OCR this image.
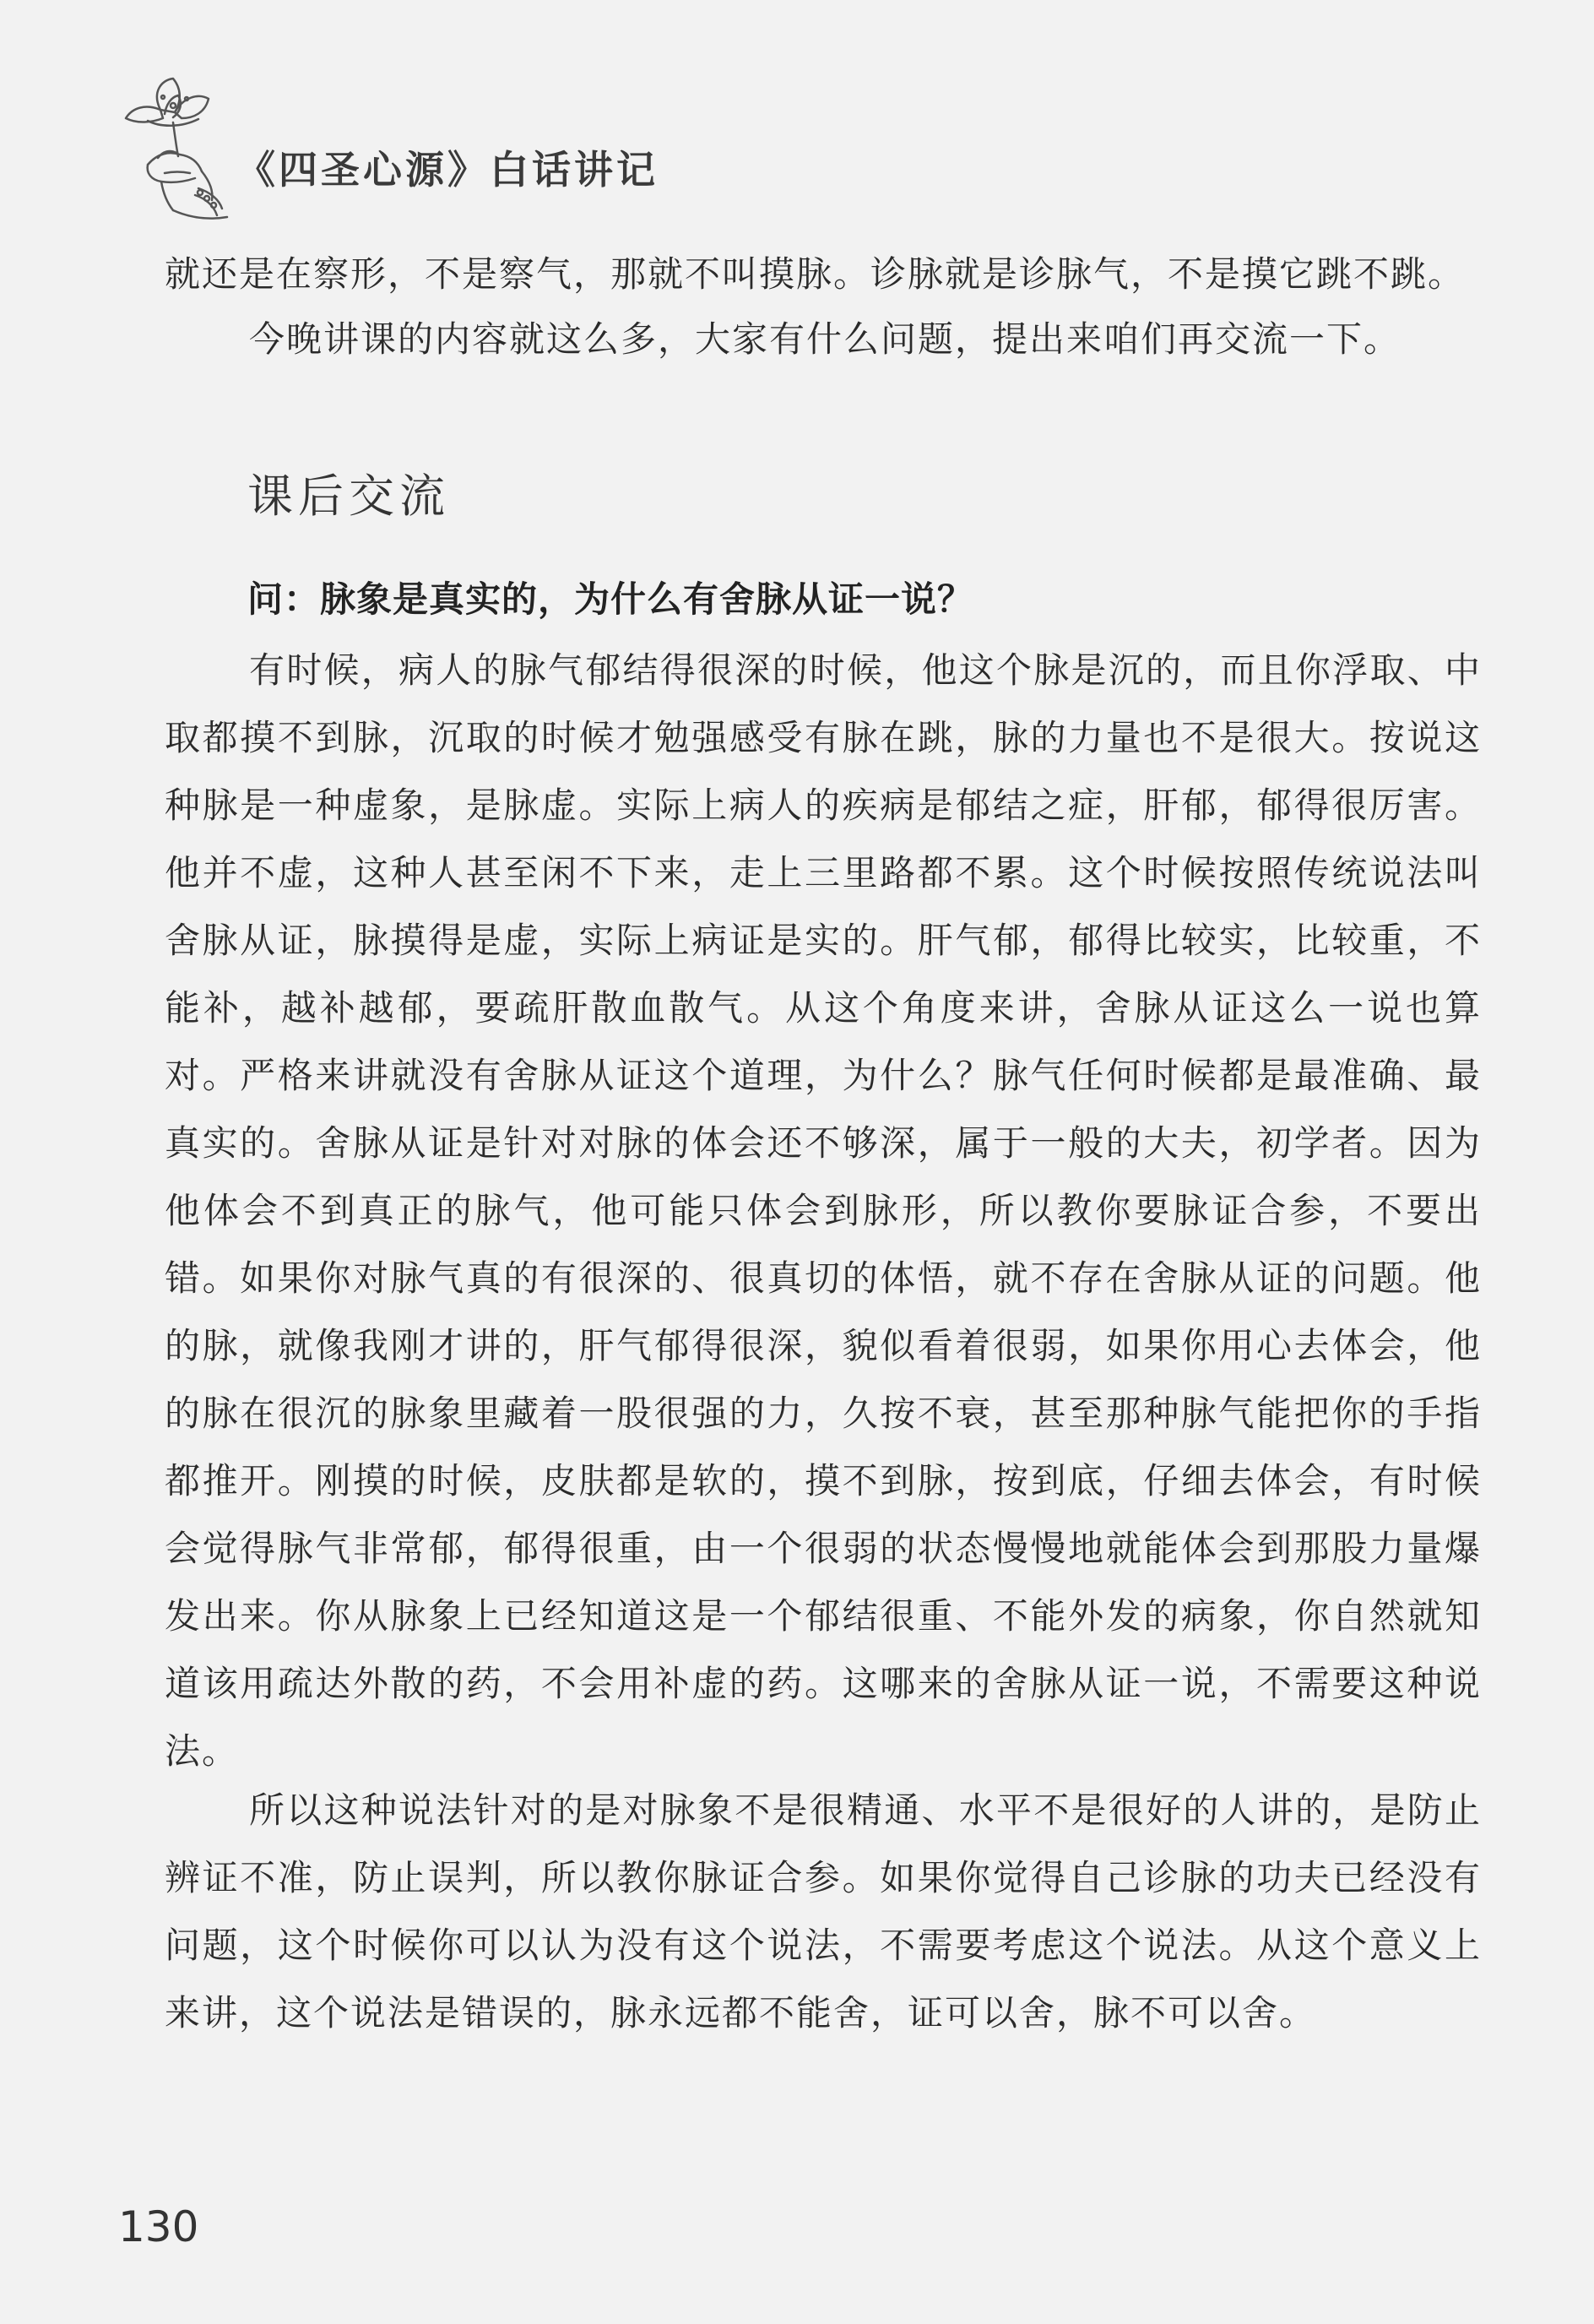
《四圣心源》白话讲记
就还是在察形，不是察气，那就不叫摸脉。诊脉就是诊脉气，不是摸它跳不跳。
今晚讲课的内容就这么多，大家有什么问题，提出来咱们再交流一下。
课后交流
问：脉象是真实的，为什么有舍脉从证一说？
有时候，病人的脉气郁结得很深的时候，他这个脉是沉的，而且你浮取、中取都摸不到脉，沉取的时候才勉强感受有脉在跳，脉的力量也不是很大。按说这种脉是一种虚象，是脉虚。实际上病人的疾病是郁结之症，肝郁，郁得很厉害。他并不虚，这种人甚至闲不下来，走上三里路都不累。这个时候按照传统说法叫舍脉从证，脉摸得是虚，实际上病证是实的。肝气郁，郁得比较实，比较重，不能补，越补越郁，要疏肝散血散气。从这个角度来讲，舍脉从证这么一说也算对。严格来讲就没有舍脉从证这个道理，为什么？脉气任何时候都是最准确、最真实的。舍脉从证是针对对脉的体会还不够深，属于一般的大夫，初学者。因为他体会不到真正的脉气，他可能只体会到脉形，所以教你要脉证合参，不要出错。如果你对脉气真的有很深的、很真切的体悟，就不存在舍脉从证的问题。他的脉，就像我刚才讲的，肝气郁得很深，貌似看着很弱，如果你用心去体会，他的脉在很沉的脉象里藏着一股很强的力，久按不衰，甚至那种脉气能把你的手指都推开。刚摸的时候，皮肤都是软的，摸不到脉，按到底，仔细去体会，有时候会觉得脉气非常郁，郁得很重，由一个很弱的状态慢慢地就能体会到那股力量爆发出来。你从脉象上已经知道这是一个郁结很重、不能外发的病象，你自然就知道该用疏达外散的药，不会用补虚的药。这哪来的舍脉从证一说，不需要这种说法。
所以这种说法针对的是对脉象不是很精通、水平不是很好的人讲的，是防止辨证不准，防止误判，所以教你脉证合参。如果你觉得自己诊脉的功夫已经没有问题，这个时候你可以认为没有这个说法，不需要考虑这个说法。从这个意义上来讲，这个说法是错误的，脉永远都不能舍，证可以舍，脉不可以舍。
130
